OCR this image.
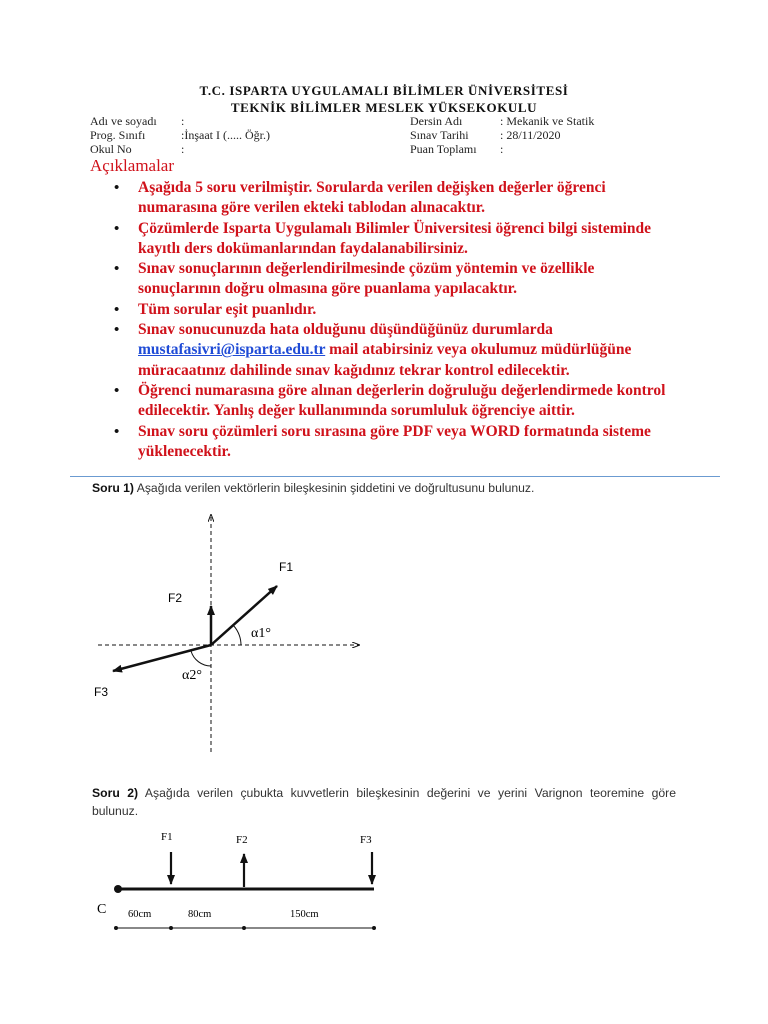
T.C. ISPARTA UYGULAMALI BİLİMLER ÜNİVERSİTESİ
TEKNİK BİLİMLER MESLEK YÜKSEKOKULU
Adı ve soyadı :
Prog. Sınıfı	:İnşaat I (..... Öğr.)
Okul No	:
Dersin Adı	: Mekanik ve Statik
Sınav Tarihi	: 28/11/2020
Puan Toplamı :
Açıklamalar
• Aşağıda 5 soru verilmiştir. Sorularda verilen değişken değerler öğrenci numarasına göre verilen ekteki tablodan alınacaktır.
• Çözümlerde Isparta Uygulamalı Bilimler Üniversitesi öğrenci bilgi sisteminde kayıtlı ders dokümanlarından faydalanabilirsiniz.
• Sınav sonuçlarının değerlendirilmesinde çözüm yöntemin ve özellikle sonuçlarının doğru olmasına göre puanlama yapılacaktır.
• Tüm sorular eşit puanlıdır.
• Sınav sonucunuzda hata olduğunu düşündüğünüz durumlarda mustafasivri@isparta.edu.tr mail atabirsiniz veya okulumuz müdürlüğüne müracaatınız dahilinde sınav kağıdınız tekrar kontrol edilecektir.
• Öğrenci numarasına göre alınan değerlerin doğruluğu değerlendirmede kontrol edilecektir. Yanlış değer kullanımında sorumluluk öğrenciye aittir.
• Sınav soru çözümleri soru sırasına göre PDF veya WORD formatında sisteme yüklenecektir.
Soru 1) Aşağıda verilen vektörlerin bileşkesinin şiddetini ve doğrultusunu bulunuz.
F1
F2
F3
α1°
α2°
Soru 2) Aşağıda verilen çubukta kuvvetlerin bileşkesinin değerini ve yerini Varignon teoremine göre bulunuz.
F1	F2	F3
C 60cm	80cm	150cm
